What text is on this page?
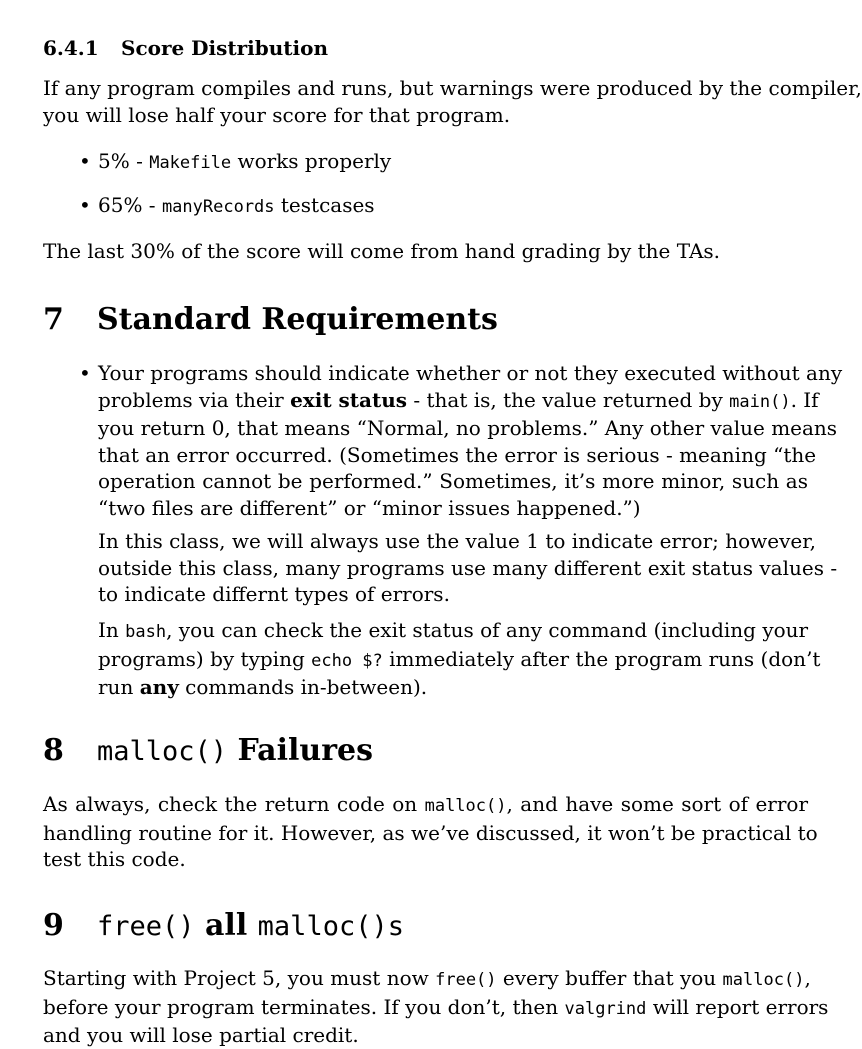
6.4.1 Score Distribution
If any program compiles and runs, but warnings were produced by the compiler,
you will lose half your score for that program.
• 5% - Makefile works properly
• 65% - manyRecords testcases
The last 30% of the score will come from hand grading by the TAs.
7 Standard Requirements
• Your programs should indicate whether or not they executed without any
problems via their exit status - that is, the value returned by main(). If
you return 0, that means “Normal, no problems.” Any other value means
that an error occurred. (Sometimes the error is serious - meaning “the
operation cannot be performed.” Sometimes, it’s more minor, such as
“two files are different” or “minor issues happened.”)
In this class, we will always use the value 1 to indicate error; however,
outside this class, many programs use many different exit status values -
to indicate differnt types of errors.
In bash, you can check the exit status of any command (including your
programs) by typing echo $? immediately after the program runs (don’t
run any commands in-between).
8 malloc() Failures
As always, check the return code on malloc(), and have some sort of error
handling routine for it. However, as we’ve discussed, it won’t be practical to
test this code.
9 free() all malloc()s
Starting with Project 5, you must now free() every buffer that you malloc(),
before your program terminates. If you don’t, then valgrind will report errors
and you will lose partial credit.
